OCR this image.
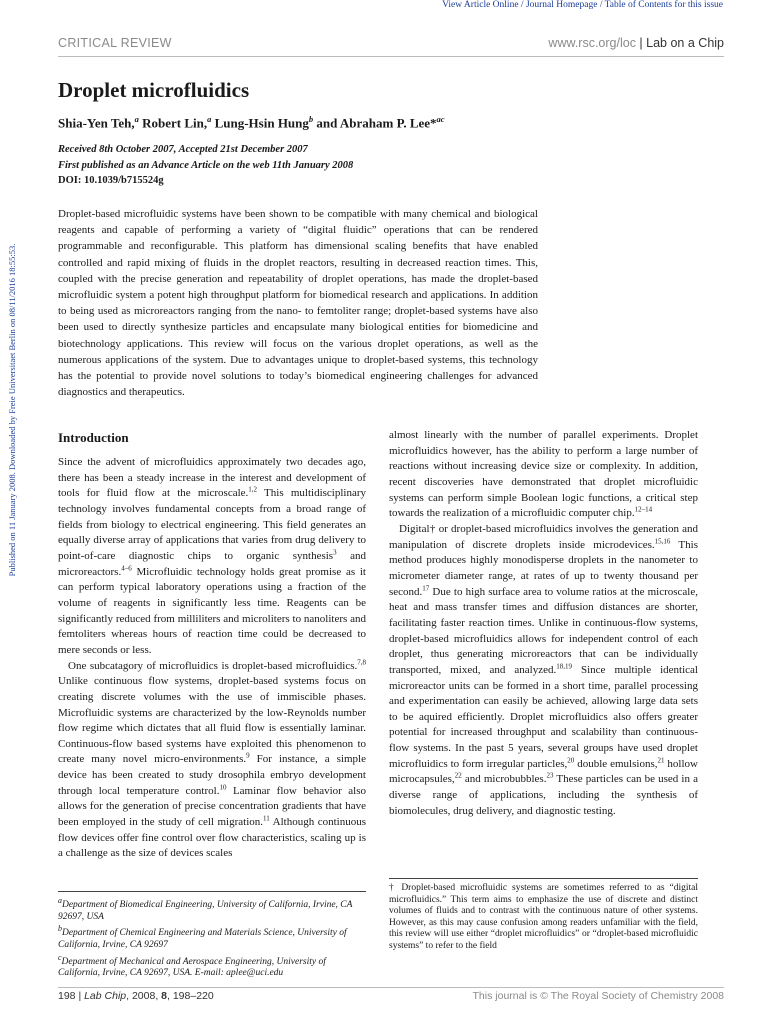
View Article Online / Journal Homepage / Table of Contents for this issue
CRITICAL REVIEW	www.rsc.org/loc | Lab on a Chip
Published on 11 January 2008. Downloaded by Freie Universitaet Berlin on 08/11/2016 18:55:53.
Droplet microfluidics
Shia-Yen Teh,$^a$ Robert Lin,$^a$ Lung-Hsin Hung$^b$ and Abraham P. Lee*$^{ac}$
Received 8th October 2007, Accepted 21st December 2007
First published as an Advance Article on the web 11th January 2008
DOI: 10.1039/b715524g
Droplet-based microfluidic systems have been shown to be compatible with many chemical and biological reagents and capable of performing a variety of “digital fluidic” operations that can be rendered programmable and reconfigurable. This platform has dimensional scaling benefits that have enabled controlled and rapid mixing of fluids in the droplet reactors, resulting in decreased reaction times. This, coupled with the precise generation and repeatability of droplet operations, has made the droplet-based microfluidic system a potent high throughput platform for biomedical research and applications. In addition to being used as microreactors ranging from the nano- to femtoliter range; droplet-based systems have also been used to directly synthesize particles and encapsulate many biological entities for biomedicine and biotechnology applications. This review will focus on the various droplet operations, as well as the numerous applications of the system. Due to advantages unique to droplet-based systems, this technology has the potential to provide novel solutions to today’s biomedical engineering challenges for advanced diagnostics and therapeutics.
Introduction

Since the advent of microfluidics approximately two decades ago, there has been a steady increase in the interest and development of tools for fluid flow at the microscale.$^{1,2}$ This multidisciplinary technology involves fundamental concepts from a broad range of fields from biology to electrical engineering. This field generates an equally diverse array of applications that varies from drug delivery to point-of-care diagnostic chips to organic synthesis$^3$ and microreactors.$^{4-6}$ Microfluidic technology holds great promise as it can perform typical laboratory operations using a fraction of the volume of reagents in significantly less time. Reagents can be significantly reduced from milliliters and microliters to nanoliters and femtoliters whereas hours of reaction time could be decreased to mere seconds or less.

One subcatagory of microfluidics is droplet-based microfluidics.$^{7,8}$ Unlike continuous flow systems, droplet-based systems focus on creating discrete volumes with the use of immiscible phases. Microfluidic systems are characterized by the low-Reynolds number flow regime which dictates that all fluid flow is essentially laminar. Continuous-flow based systems have exploited this phenomenon to create many novel micro-environments.$^9$ For instance, a simple device has been created to study drosophila embryo development through local temperature control.$^{10}$ Laminar flow behavior also allows for the generation of precise concentration gradients that have been employed in the study of cell migration.$^{11}$ Although continuous flow devices offer fine control over flow characteristics, scaling up is a challenge as the size of devices scales

almost linearly with the number of parallel experiments. Droplet microfluidics however, has the ability to perform a large number of reactions without increasing device size or complexity. In addition, recent discoveries have demonstrated that droplet microfluidic systems can perform simple Boolean logic functions, a critical step towards the realization of a microfluidic computer chip.$^{12-14}$

Digital† or droplet-based microfluidics involves the generation and manipulation of discrete droplets inside microdevices.$^{15,16}$ This method produces highly monodisperse droplets in the nanometer to micrometer diameter range, at rates of up to twenty thousand per second.$^{17}$ Due to high surface area to volume ratios at the microscale, heat and mass transfer times and diffusion distances are shorter, facilitating faster reaction times. Unlike in continuous-flow systems, droplet-based microfluidics allows for independent control of each droplet, thus generating microreactors that can be individually transported, mixed, and analyzed.$^{18,19}$ Since multiple identical microreactor units can be formed in a short time, parallel processing and experimentation can easily be achieved, allowing large data sets to be aquired efficiently. Droplet microfluidics also offers greater potential for increased throughput and scalability than continuous-flow systems. In the past 5 years, several groups have used droplet microfluidics to form irregular particles,$^{20}$ double emulsions,$^{21}$ hollow microcapsules,$^{22}$ and microbubbles.$^{23}$ These particles can be used in a diverse range of applications, including the synthesis of biomolecules, drug delivery, and diagnostic testing.

$^a$Department of Biomedical Engineering, University of California, Irvine, CA 92697, USA

$^b$Department of Chemical Engineering and Materials Science, University of California, Irvine, CA 92697

$^c$Department of Mechanical and Aerospace Engineering, University of California, Irvine, CA 92697, USA. E-mail: aplee@uci.edu

† Droplet-based microfluidic systems are sometimes referred to as “digital microfluidics.” This term aims to emphasize the use of discrete and distinct volumes of fluids and to contrast with the continuous nature of other systems. However, as this may cause confusion among readers unfamiliar with the field, this review will use either “droplet microfluidics” or “droplet-based microfluidic systems” to refer to the field
198 | Lab Chip, 2008, 8, 198–220	This journal is © The Royal Society of Chemistry 2008
